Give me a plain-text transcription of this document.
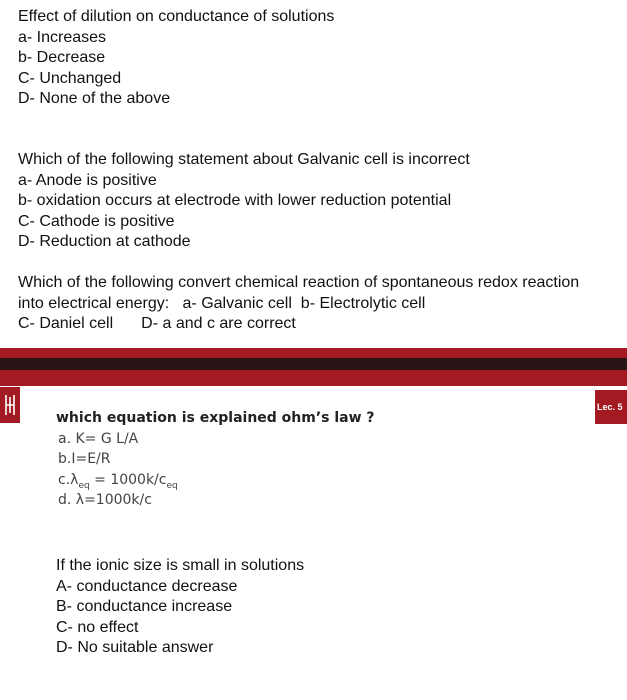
Effect of dilution on conductance of solutions
a- Increases
b- Decrease
C- Unchanged
D- None of the above
Which of the following statement about Galvanic cell is incorrect
a- Anode is positive
b- oxidation occurs at electrode with lower reduction potential
C- Cathode is positive
D- Reduction at cathode
Which of the following convert chemical reaction of spontaneous redox reaction
into electrical energy: a- Galvanic cell b- Electrolytic cell
C- Daniel cell D- a and c are correct
Lec. 5
which equation is explained ohm’s law ?
a. K= G L/A
b.I=E/R
$c.\lambda_{eq} = 1000k/c_{eq}$
d. λ=1000k/c
If the ionic size is small in solutions
A- conductance decrease
B- conductance increase
C- no effect
D- No suitable answer
